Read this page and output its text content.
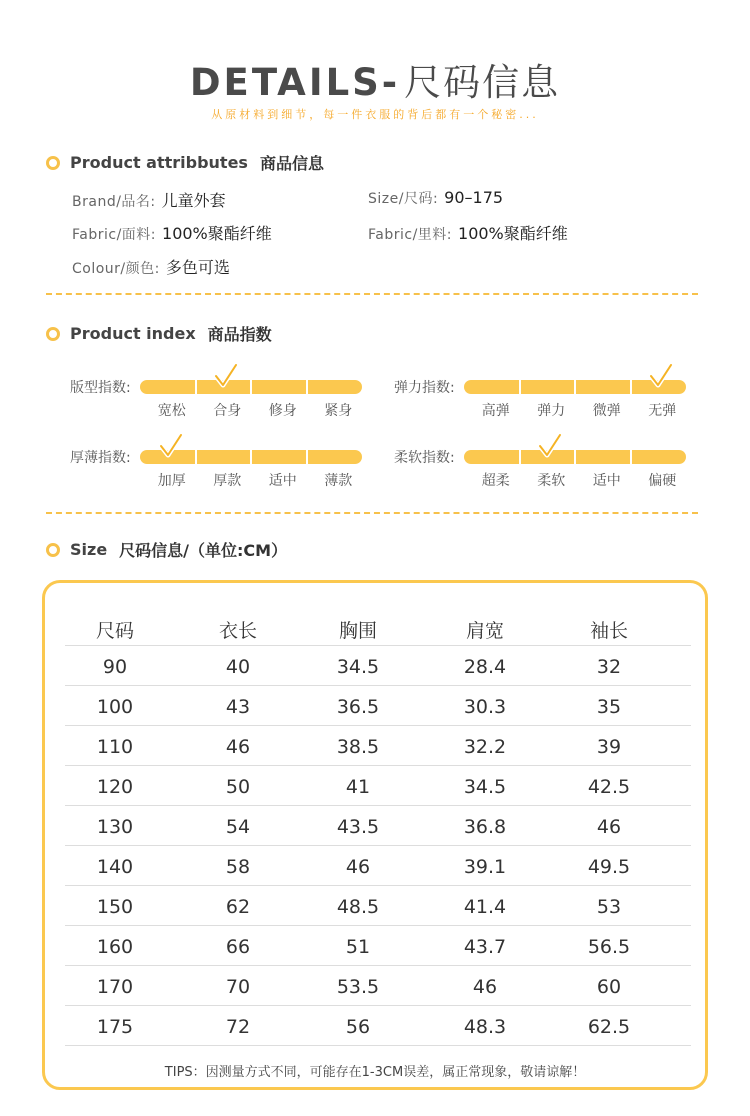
DETAILS- 尺码信息
从原材料到细节，每一件衣服的背后都有一个秘密...
Product attribbutes 商品信息
Brand/品名: 儿童外套	Size/尺码: 90–175
Fabric/面料: 100%聚酯纤维	Fabric/里料: 100%聚酯纤维
Colour/颜色: 多色可选
Product index 商品指数
版型指数:
宽松	合身	修身	紧身
弹力指数:
高弹	弹力	微弹	无弹
厚薄指数:
加厚	厚款	适中	薄款
柔软指数:
超柔	柔软	适中	偏硬
Size 尺码信息/（单位:CM）
尺码	衣长	胸围	肩宽	袖长
90	40	34.5	28.4	32
100	43	36.5	30.3	35
110	46	38.5	32.2	39
120	50	41	34.5	42.5
130	54	43.5	36.8	46
140	58	46	39.1	49.5
150	62	48.5	41.4	53
160	66	51	43.7	56.5
170	70	53.5	46	60
175	72	56	48.3	62.5
TIPS：因测量方式不同，可能存在1-3CM误差，属正常现象，敬请谅解！
